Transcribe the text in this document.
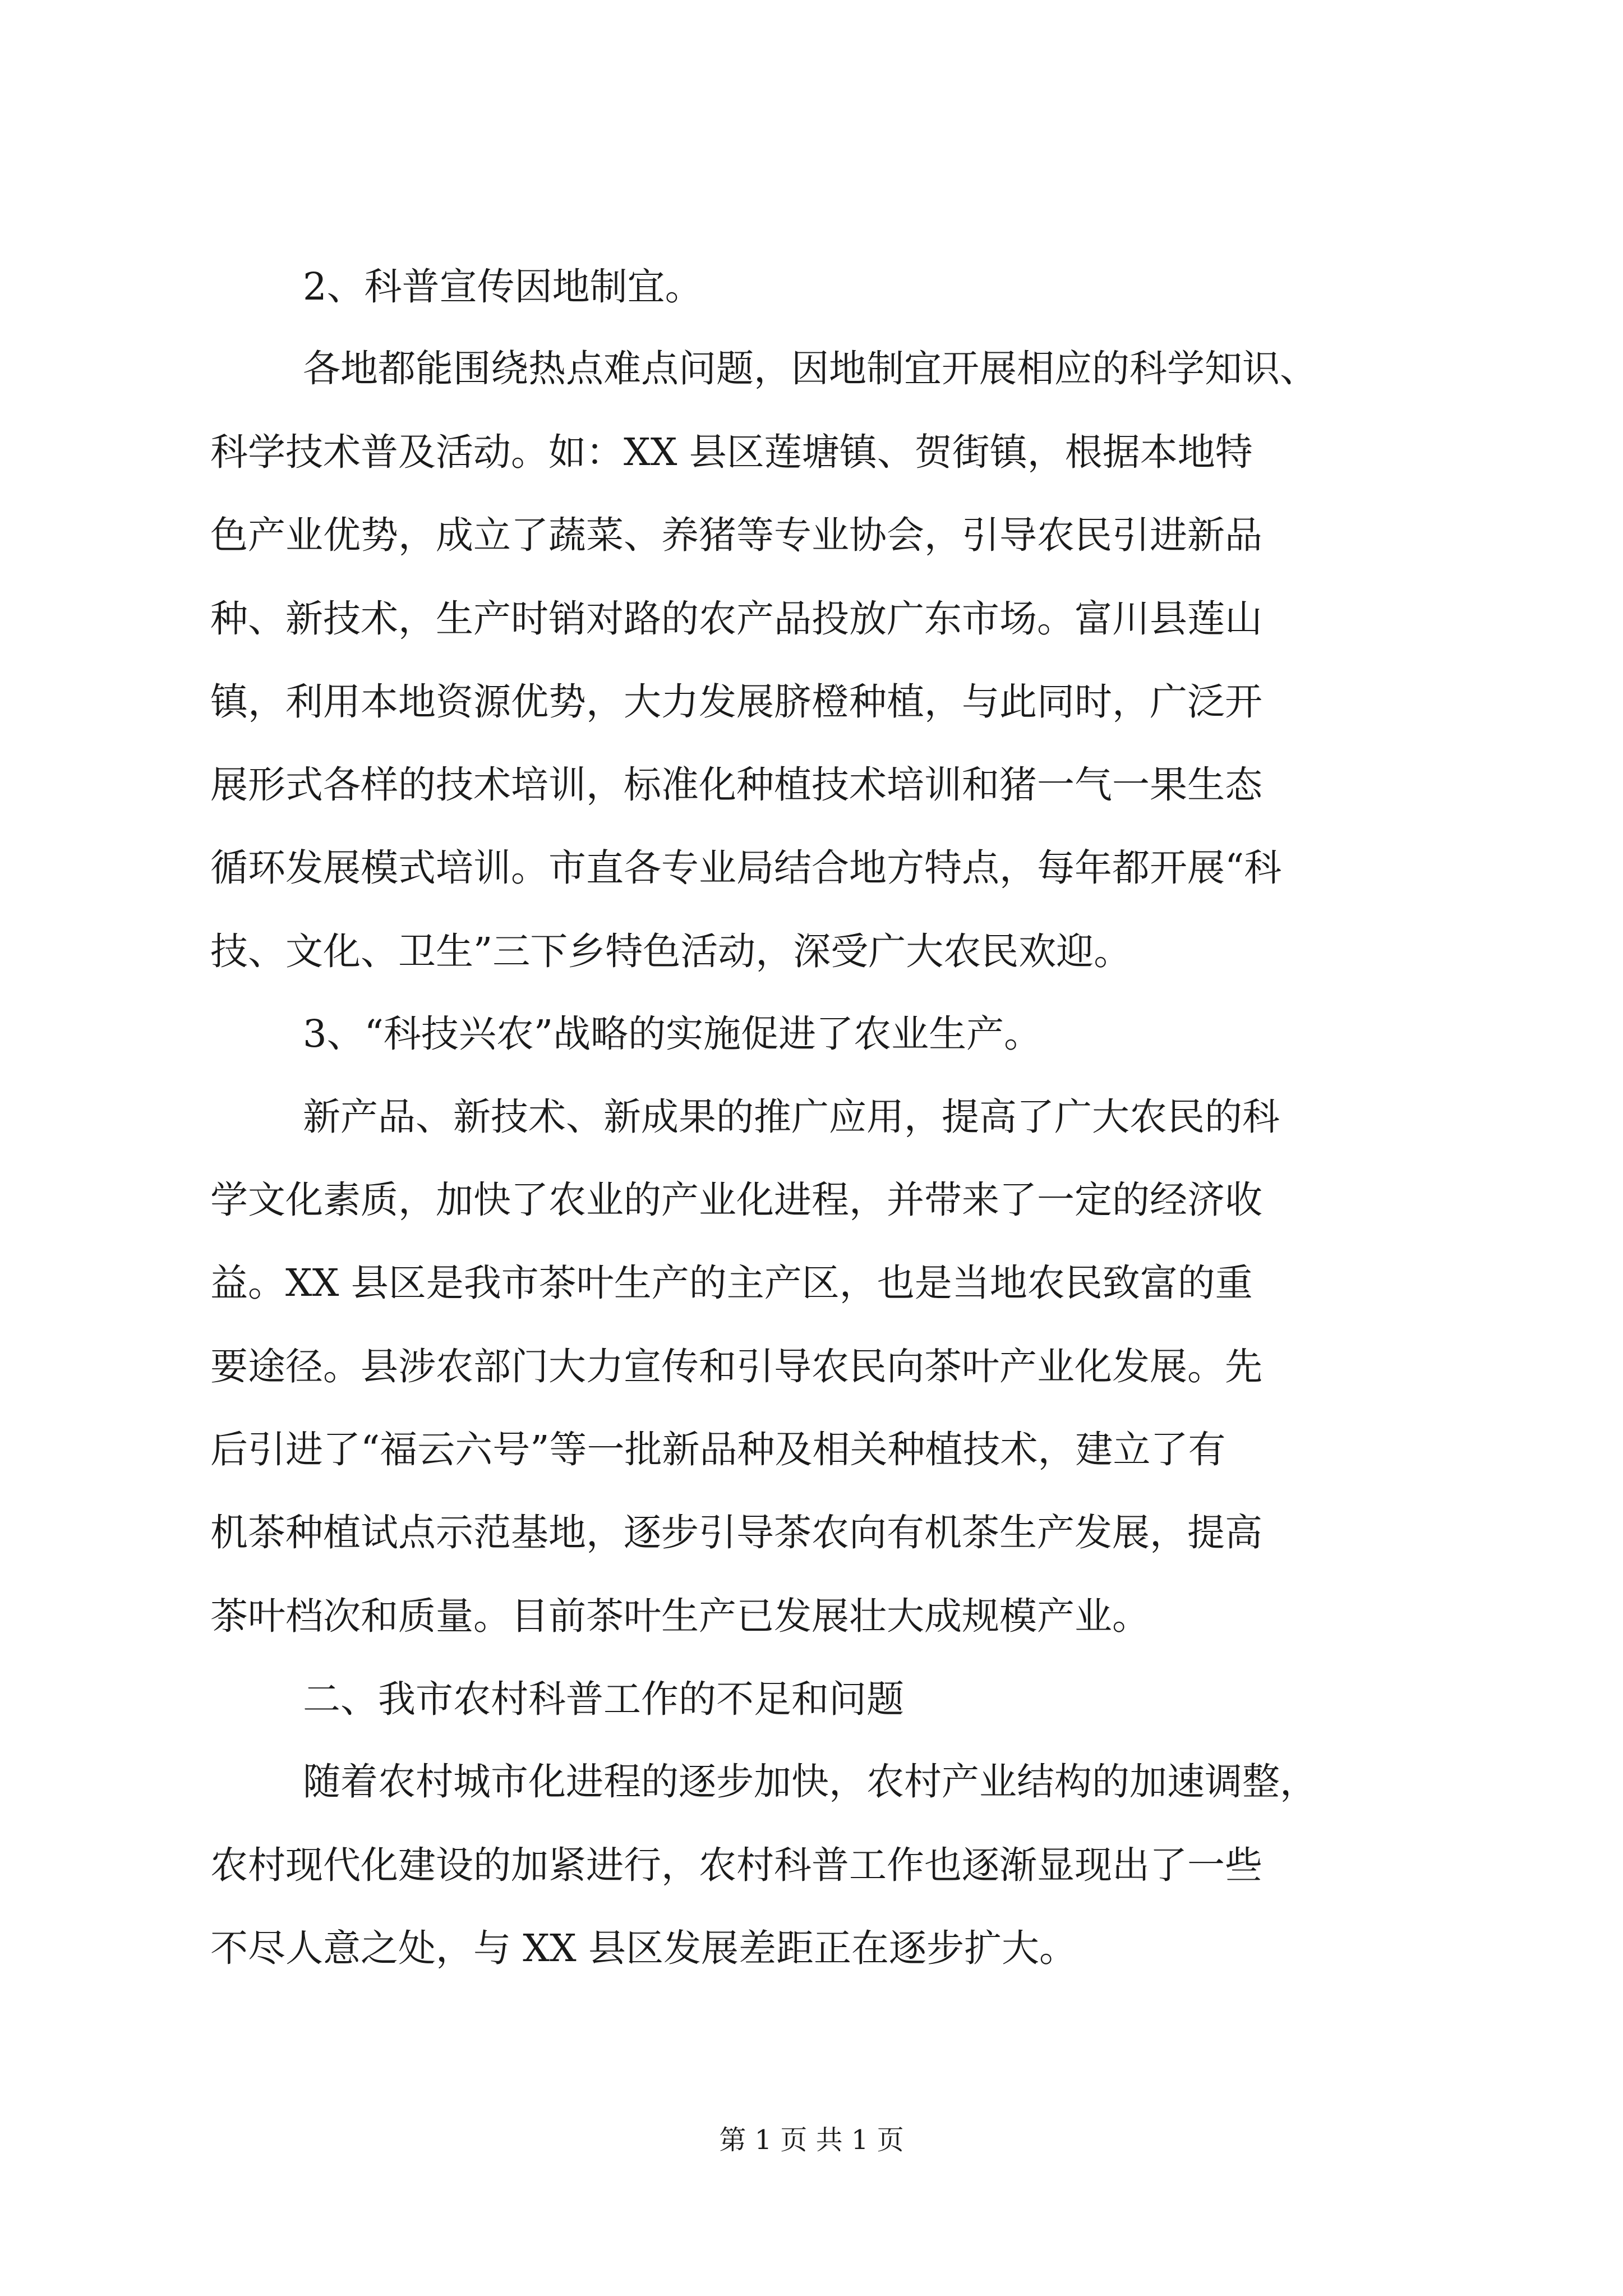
2、科普宣传因地制宜。
各地都能围绕热点难点问题，因地制宜开展相应的科学知识、
科学技术普及活动。如：XX 县区莲塘镇、贺街镇，根据本地特
色产业优势，成立了蔬菜、养猪等专业协会，引导农民引进新品
种、新技术，生产时销对路的农产品投放广东市场。富川县莲山
镇，利用本地资源优势，大力发展脐橙种植，与此同时，广泛开
展形式各样的技术培训，标准化种植技术培训和猪一气一果生态
循环发展模式培训。市直各专业局结合地方特点，每年都开展“科
技、文化、卫生”三下乡特色活动，深受广大农民欢迎。
3、“科技兴农”战略的实施促进了农业生产。
新产品、新技术、新成果的推广应用，提高了广大农民的科
学文化素质，加快了农业的产业化进程，并带来了一定的经济收
益。XX 县区是我市茶叶生产的主产区，也是当地农民致富的重
要途径。县涉农部门大力宣传和引导农民向茶叶产业化发展。先
后引进了“福云六号”等一批新品种及相关种植技术，建立了有
机茶种植试点示范基地，逐步引导茶农向有机茶生产发展，提高
茶叶档次和质量。目前茶叶生产已发展壮大成规模产业。
二、我市农村科普工作的不足和问题
随着农村城市化进程的逐步加快，农村产业结构的加速调整，
农村现代化建设的加紧进行，农村科普工作也逐渐显现出了一些
不尽人意之处，与 XX 县区发展差距正在逐步扩大。
第 1 页 共 1 页
